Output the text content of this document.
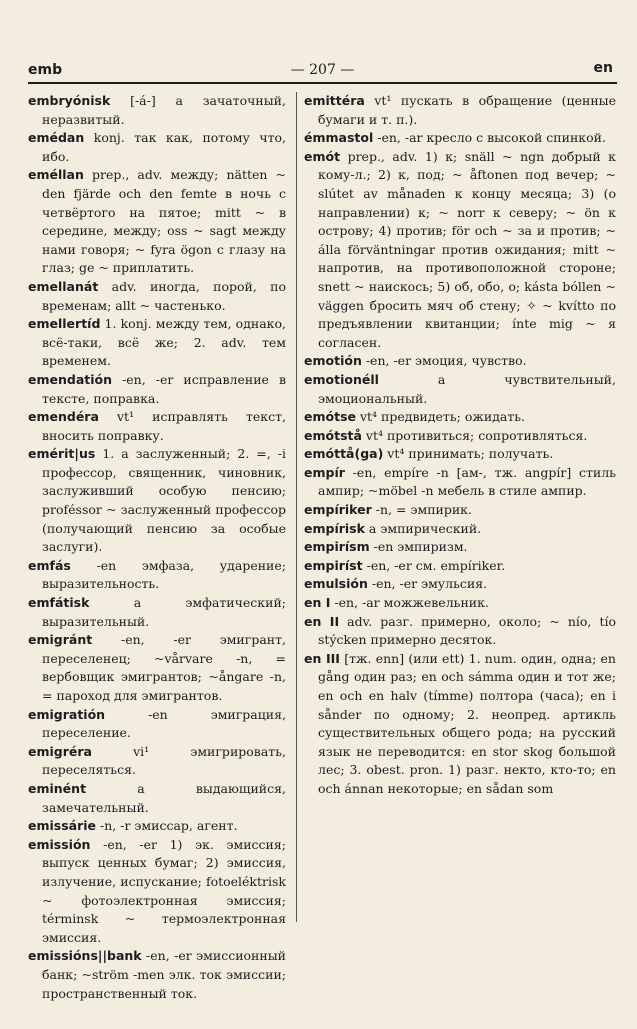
emb	— 207 —	en

embryónisk [-á-] a зачаточный, неразвитый.

emédan konj. так как, потому что, ибо.

eméllan prep., adv. между; nätten ~ den fjärde och den femte в ночь с четвёртого на пятое; mitt ~ в середине, между; oss ~ sagt между нами говоря; ~ fyra ögon с глазу на глаз; ge ~ приплатить.

emellanát adv. иногда, порой, по временам; allt ~ частенько.

emellertíd 1. konj. между тем, однако, всё-таки, всё же; 2. adv. тем временем.

emendatión -en, -er исправление в тексте, поправка.

emendéra vt¹ исправлять текст, вносить поправку.

emérit|us 1. a заслуженный; 2. =, -i профессор, священник, чиновник, заслуживший особую пенсию; proféssor ~ заслуженный профессор (получающий пенсию за особые заслуги).

emfás -en эмфаза, ударение; выразительность.

emfátisk	a эмфатический; выразительный.

emigránt -en, -er эмигрант, переселенец; ~vårvare -n, = вербовщик эмигрантов; ~ångare -n, = пароход для эмигрантов.

emigratión	-en эмиграция, переселение.

emigréra	vi¹ эмигрировать, переселяться.

eminént	a выдающийся, замечательный.

emissárie -n, -r эмиссар, агент.

emissión -en, -er 1) эк. эмиссия; выпуск ценных бумаг; 2) эмиссия, излучение, испускание; fotoeléktrisk ~ фотоэлектронная эмиссия; términsk ~ термоэлектронная эмиссия.

emissións||bank -en, -er эмиссионный банк; ~ström -men элк. ток эмиссии; пространственный ток.

emittéra vt¹ пускать в обращение (ценные бумаги и т. п.).

émmastol -en, -ar кресло с высокой спинкой.

emót prep., adv. 1) к; snäll ~ ngn добрый к кому-л.; 2) к, под; ~ åftonen под вечер; ~ slútet av månaden к концу месяца; 3) (о направлении) к; ~ norr к северу; ~ ön к острову; 4) против; för och ~ за и против; ~ álla förväntningar против ожидания; mitt ~ напротив, на противоположной стороне; snett ~ наискось; 5) об, обо, о; kásta bóllen ~ väggen бросить мяч об стену; ✧ ~ kvítto по предъявлении квитанции; ínte mig ~ я согласен.

emotión -en, -er эмоция, чувство.

emotionéll	a чувствительный, эмоциональный.

emótse vt⁴ предвидеть; ожидать.

emótstå vt⁴ противиться; сопротивляться.

emóttå(ga) vt⁴ принимать; получать.

empír -en, empíre -n [ам-, тж. angpír] стиль ампир; ~möbel -n мебель в стиле ампир.

empíriker -n, = эмпирик.

empírisk a эмпирический.

empirísm -en эмпиризм.

empiríst -en, -er см. empíriker.

emulsión -en, -er эмульсия.

en I -en, -ar можжевельник.

en II adv. разг. примерно, около; ~ nío, tío stýcken примерно десяток.

en III [тж. enn] (или ett) 1. num. один, одна; en gång один раз; en och sámma один и тот же; en och en halv (tímme) полтора (часа); en i sånder по одному; 2. неопред. артикль существительных общего рода; на русский язык не переводится: en stor skog большой лес; 3. obest. pron. 1) разг. некто, кто-то; en och ánnan некоторые; en sådan som
